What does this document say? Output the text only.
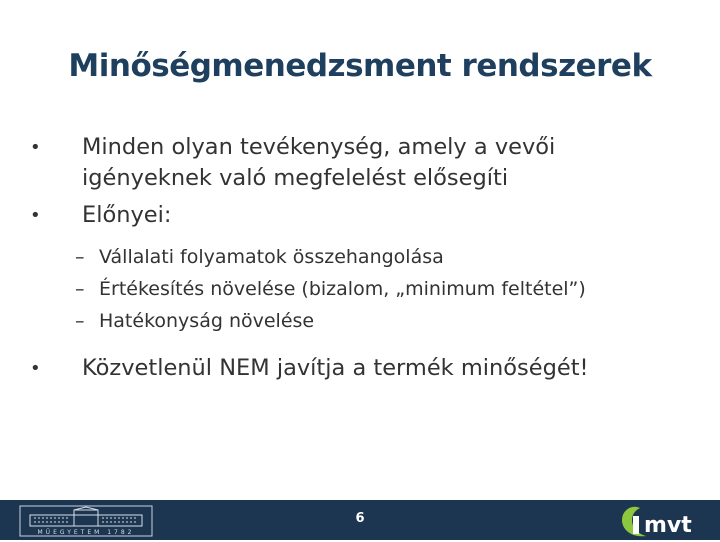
Minőségmenedzsment rendszerek
• Minden olyan tevékenység, amely a vevői igényeknek való megfelelést elősegíti
• Előnyei:
– Vállalati folyamatok összehangolása
– Értékesítés növelése (bizalom, „minimum feltétel”)
– Hatékonyság növelése
• Közvetlenül NEM javítja a termék minőségét!
MŰEGYETEM 1782
6	mvt
